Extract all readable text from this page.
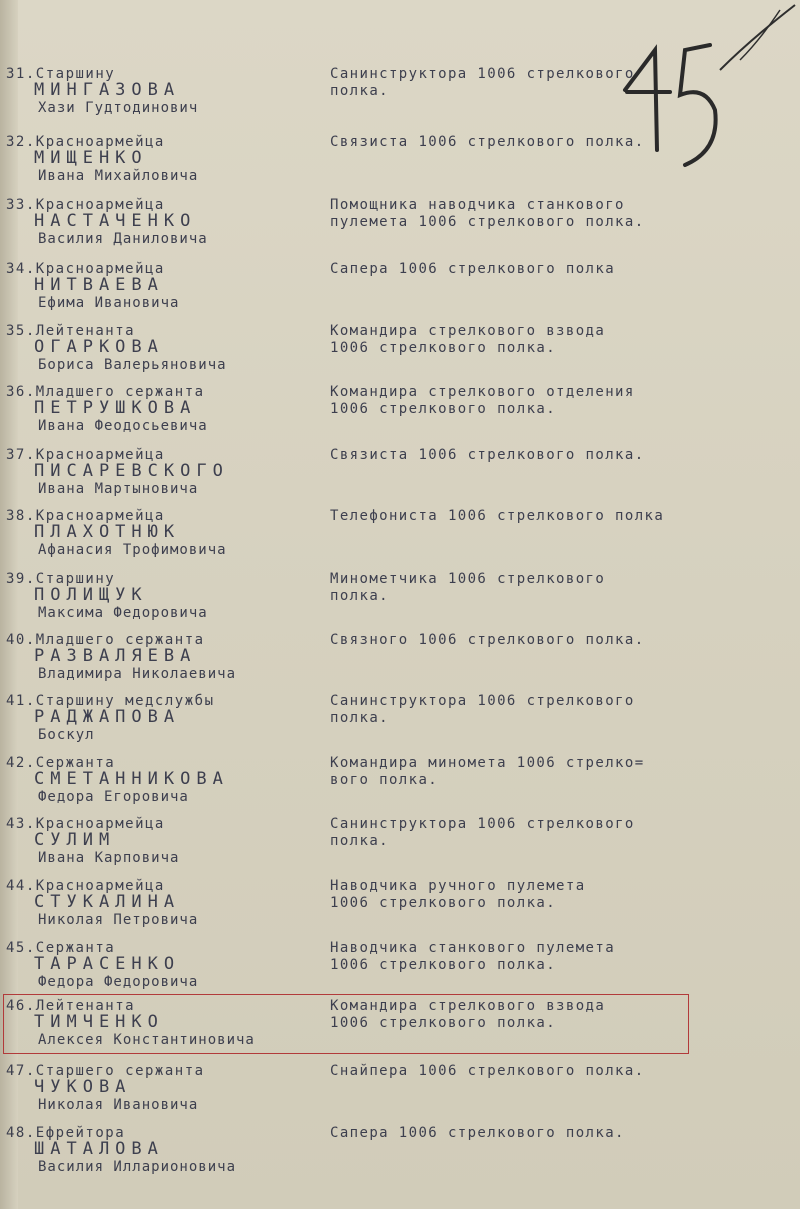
31.Старшину
МИНГАЗОВА
Хази Гудтодинович
Санинструктора 1006 стрелкового
полка.
32.Красноармейца
МИЩЕНКО
Ивана Михайловича
Связиста 1006 стрелкового полка.
33.Красноармейца
НАСТАЧЕНКО
Василия Даниловича
Помощника наводчика станкового
пулемета 1006 стрелкового полка.
34.Красноармейца
НИТВАЕВА
Ефима Ивановича
Сапера 1006 стрелкового полка
35.Лейтенанта
ОГАРКОВА
Бориса Валерьяновича
Командира стрелкового взвода
1006 стрелкового полка.
36.Младшего сержанта
ПЕТРУШКОВА
Ивана Феодосьевича
Командира стрелкового отделения
1006 стрелкового полка.
37.Красноармейца
ПИСАРЕВСКОГО
Ивана Мартыновича
Связиста 1006 стрелкового полка.
38.Красноармейца
ПЛАХОТНЮК
Афанасия Трофимовича
Телефониста 1006 стрелкового полка
39.Старшину
ПОЛИЩУК
Максима Федоровича
Минометчика 1006 стрелкового
полка.
40.Младшего сержанта
РАЗВАЛЯЕВА
Владимира Николаевича
Связного 1006 стрелкового полка.
41.Старшину медслужбы
РАДЖАПОВА
Боскул
Санинструктора 1006 стрелкового
полка.
42.Сержанта
СМЕТАННИКОВА
Федора Егоровича
Командира миномета 1006 стрелко=
вого полка.
43.Красноармейца
СУЛИМ
Ивана Карповича
Санинструктора 1006 стрелкового
полка.
44.Красноармейца
СТУКАЛИНА
Николая Петровича
Наводчика ручного пулемета
1006 стрелкового полка.
45.Сержанта
ТАРАСЕНКО
Федора Федоровича
Наводчика станкового пулемета
1006 стрелкового полка.
46.Лейтенанта
ТИМЧЕНКО
Алексея Константиновича
Командира стрелкового взвода
1006 стрелкового полка.
47.Старшего сержанта
ЧУКОВА
Николая Ивановича
Снайпера 1006 стрелкового полка.
48.Ефрейтора
ШАТАЛОВА
Василия Илларионовича
Сапера 1006 стрелкового полка.
